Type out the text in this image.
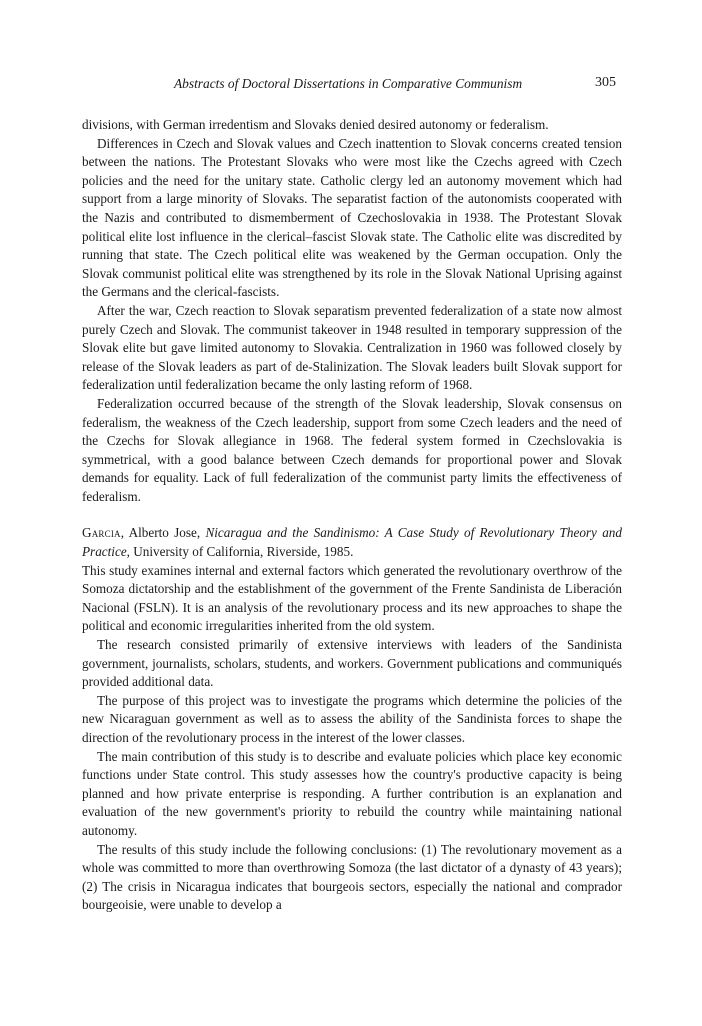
Abstracts of Doctoral Dissertations in Comparative Communism	305

divisions, with German irredentism and Slovaks denied desired autonomy or federalism.

Differences in Czech and Slovak values and Czech inattention to Slovak concerns created tension between the nations. The Protestant Slovaks who were most like the Czechs agreed with Czech policies and the need for the unitary state. Catholic clergy led an autonomy movement which had support from a large minority of Slovaks. The separatist faction of the autonomists cooperated with the Nazis and contributed to dismemberment of Czechoslovakia in 1938. The Protestant Slovak political elite lost influence in the clerical–fascist Slovak state. The Catholic elite was discredited by running that state. The Czech political elite was weakened by the German occupation. Only the Slovak communist political elite was strengthened by its role in the Slovak National Uprising against the Germans and the clerical-fascists.

After the war, Czech reaction to Slovak separatism prevented federalization of a state now almost purely Czech and Slovak. The communist takeover in 1948 resulted in temporary suppression of the Slovak elite but gave limited autonomy to Slovakia. Centralization in 1960 was followed closely by release of the Slovak leaders as part of de-Stalinization. The Slovak leaders built Slovak support for federalization until federalization became the only lasting reform of 1968.

Federalization occurred because of the strength of the Slovak leadership, Slovak consensus on federalism, the weakness of the Czech leadership, support from some Czech leaders and the need of the Czechs for Slovak allegiance in 1968. The federal system formed in Czechslovakia is symmetrical, with a good balance between Czech demands for proportional power and Slovak demands for equality. Lack of full federalization of the communist party limits the effectiveness of federalism.

Garcia, Alberto Jose, Nicaragua and the Sandinismo: A Case Study of Revolutionary Theory and Practice, University of California, Riverside, 1985.

This study examines internal and external factors which generated the revolutionary overthrow of the Somoza dictatorship and the establishment of the government of the Frente Sandinista de Liberación Nacional (FSLN). It is an analysis of the revolutionary process and its new approaches to shape the political and economic irregularities inherited from the old system.

The research consisted primarily of extensive interviews with leaders of the Sandinista government, journalists, scholars, students, and workers. Government publications and communiqués provided additional data.

The purpose of this project was to investigate the programs which determine the policies of the new Nicaraguan government as well as to assess the ability of the Sandinista forces to shape the direction of the revolutionary process in the interest of the lower classes.

The main contribution of this study is to describe and evaluate policies which place key economic functions under State control. This study assesses how the country's productive capacity is being planned and how private enterprise is responding. A further contribution is an explanation and evaluation of the new government's priority to rebuild the country while maintaining national autonomy.

The results of this study include the following conclusions: (1) The revolutionary movement as a whole was committed to more than overthrowing Somoza (the last dictator of a dynasty of 43 years); (2) The crisis in Nicaragua indicates that bourgeois sectors, especially the national and comprador bourgeoisie, were unable to develop a
